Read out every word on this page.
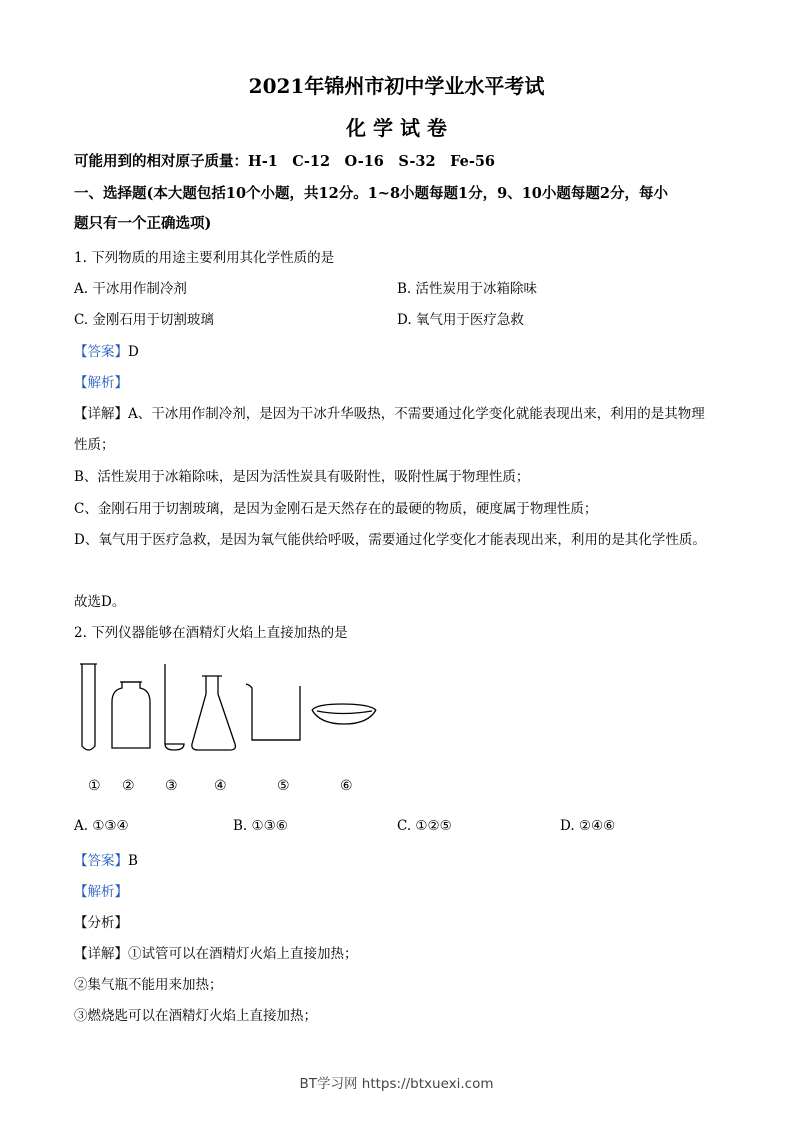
2021年锦州市初中学业水平考试
化 学 试 卷
可能用到的相对原子质量：H-1　C-12　O-16　S-32　Fe-56
一、选择题(本大题包括10个小题，共12分。1~8小题每题1分，9、10小题每题2分，每小
题只有一个正确选项)
1. 下列物质的用途主要利用其化学性质的是
A. 干冰用作制冷剂	B. 活性炭用于冰箱除味
C. 金刚石用于切割玻璃	D. 氧气用于医疗急救
【答案】D
【解析】
【详解】A、干冰用作制冷剂，是因为干冰升华吸热，不需要通过化学变化就能表现出来，利用的是其物理
性质；
B、活性炭用于冰箱除味，是因为活性炭具有吸附性，吸附性属于物理性质；
C、金刚石用于切割玻璃，是因为金刚石是天然存在的最硬的物质，硬度属于物理性质；
D、氧气用于医疗急救，是因为氧气能供给呼吸，需要通过化学变化才能表现出来，利用的是其化学性质。
故选D。
2. 下列仪器能够在酒精灯火焰上直接加热的是
① ② ③	④	⑤	⑥
A. ①③④	B. ①③⑥	C. ①②⑤	D. ②④⑥
【答案】B
【解析】
【分析】
【详解】①试管可以在酒精灯火焰上直接加热；
②集气瓶不能用来加热；
③燃烧匙可以在酒精灯火焰上直接加热；
BT学习网 https://btxuexi.com
